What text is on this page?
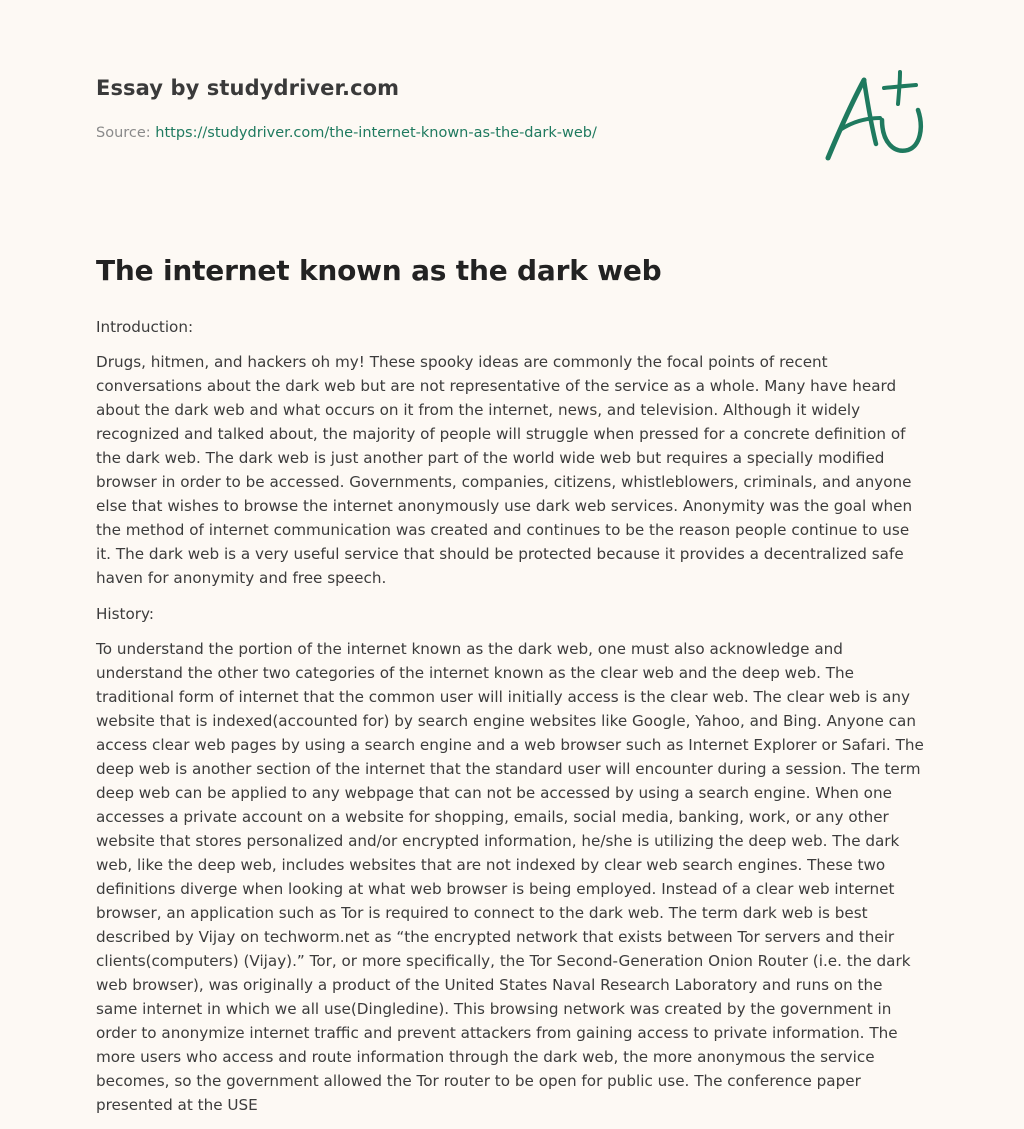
Essay by studydriver.com
Source: https://studydriver.com/the-internet-known-as-the-dark-web/
The internet known as the dark web

Introduction:

Drugs, hitmen, and hackers oh my! These spooky ideas are commonly the focal points of recent conversations about the dark web but are not representative of the service as a whole. Many have heard about the dark web and what occurs on it from the internet, news, and television. Although it widely recognized and talked about, the majority of people will struggle when pressed for a concrete definition of the dark web. The dark web is just another part of the world wide web but requires a specially modified browser in order to be accessed. Governments, companies, citizens, whistleblowers, criminals, and anyone else that wishes to browse the internet anonymously use dark web services. Anonymity was the goal when the method of internet communication was created and continues to be the reason people continue to use it. The dark web is a very useful service that should be protected because it provides a decentralized safe haven for anonymity and free speech.

History:

To understand the portion of the internet known as the dark web, one must also acknowledge and understand the other two categories of the internet known as the clear web and the deep web. The traditional form of internet that the common user will initially access is the clear web. The clear web is any website that is indexed(accounted for) by search engine websites like Google, Yahoo, and Bing. Anyone can access clear web pages by using a search engine and a web browser such as Internet Explorer or Safari. The deep web is another section of the internet that the standard user will encounter during a session. The term deep web can be applied to any webpage that can not be accessed by using a search engine. When one accesses a private account on a website for shopping, emails, social media, banking, work, or any other website that stores personalized and/or encrypted information, he/she is utilizing the deep web. The dark web, like the deep web, includes websites that are not indexed by clear web search engines. These two definitions diverge when looking at what web browser is being employed. Instead of a clear web internet browser, an application such as Tor is required to connect to the dark web. The term dark web is best described by Vijay on techworm.net as “the encrypted network that exists between Tor servers and their clients(computers) (Vijay).” Tor, or more specifically, the Tor Second-Generation Onion Router (i.e. the dark web browser), was originally a product of the United States Naval Research Laboratory and runs on the same internet in which we all use(Dingledine). This browsing network was created by the government in order to anonymize internet traffic and prevent attackers from gaining access to private information. The more users who access and route information through the dark web, the more anonymous the service becomes, so the government allowed the Tor router to be open for public use. The conference paper presented at the USE
